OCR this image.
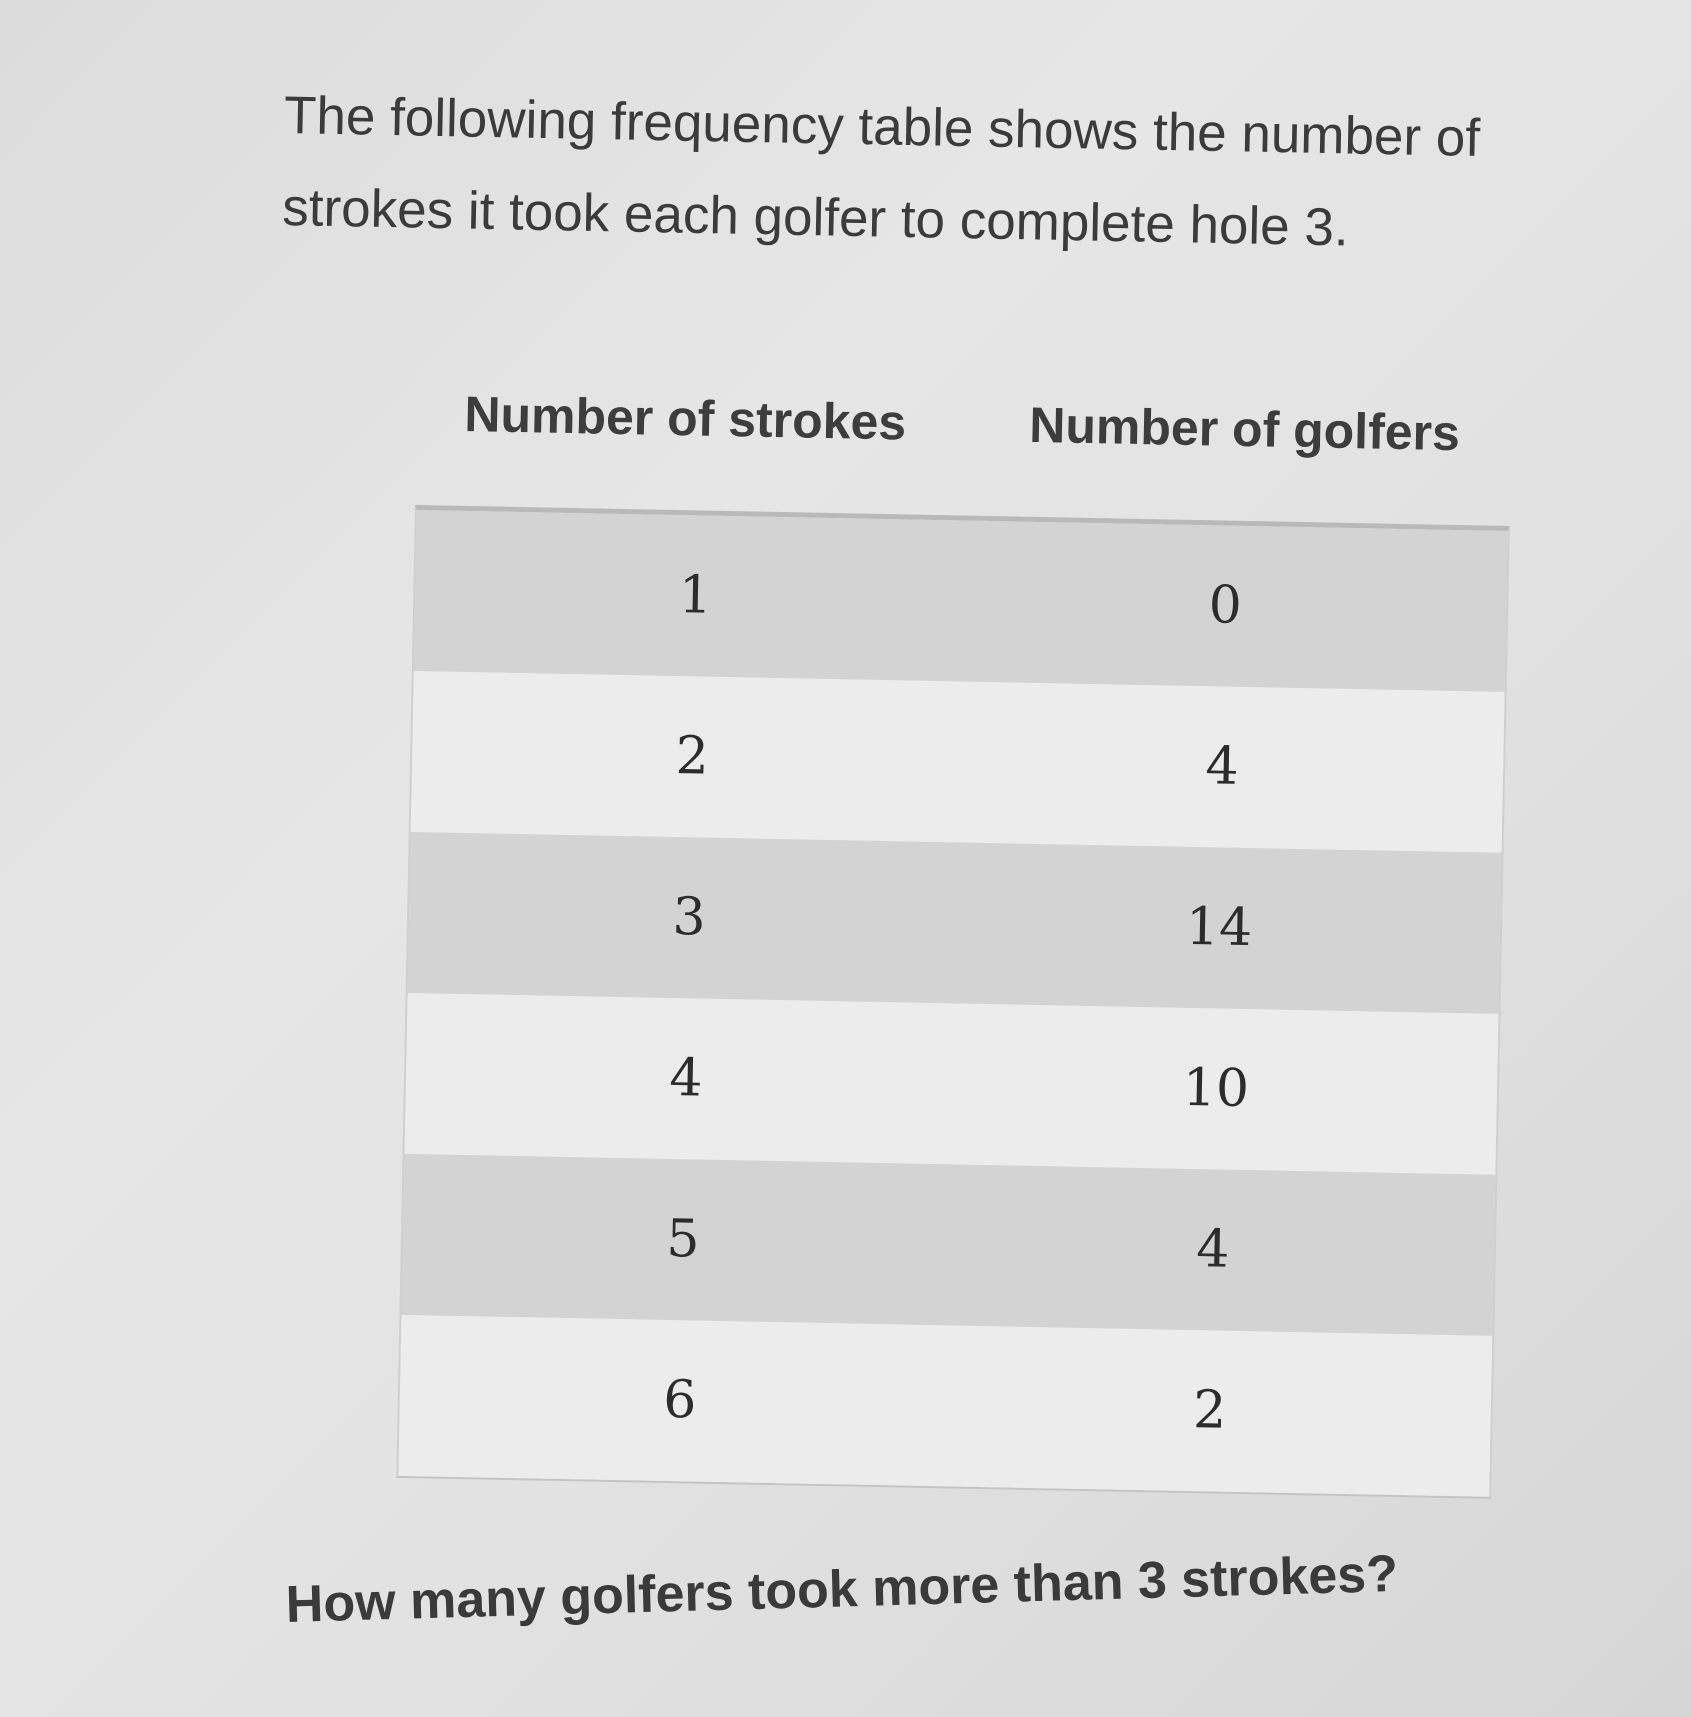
The following frequency table shows the number of strokes it took each golfer to complete hole 3.

Number of strokes Number of golfers
1	0
2	4
3	14
4	10
5	4
6	2

How many golfers took more than 3 strokes?
